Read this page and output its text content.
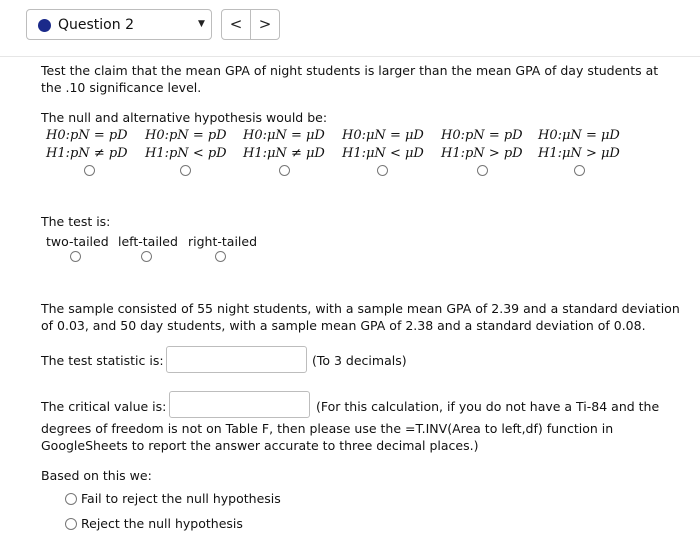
Question 2	▼	<	>
Test the claim that the mean GPA of night students is larger than the mean GPA of day students at the .10 significance level.
The null and alternative hypothesis would be:
H0:pN = pD
H1:pN ≠ pD
H0:pN = pD
H1:pN < pD
H0:μN = μD
H1:μN ≠ μD
H0:μN = μD
H1:μN < μD
H0:pN = pD
H1:pN > pD
H0:μN = μD
H1:μN > μD
The test is:
two-tailed left-tailed right-tailed
The sample consisted of 55 night students, with a sample mean GPA of 2.39 and a standard deviation of 0.03, and 50 day students, with a sample mean GPA of 2.38 and a standard deviation of 0.08.
The test statistic is:	(To 3 decimals)
The critical value is:	(For this calculation, if you do not have a Ti-84 and the
degrees of freedom is not on Table F, then please use the =T.INV(Area to left,df) function in GoogleSheets to report the answer accurate to three decimal places.)
Based on this we:
Fail to reject the null hypothesis
Reject the null hypothesis
